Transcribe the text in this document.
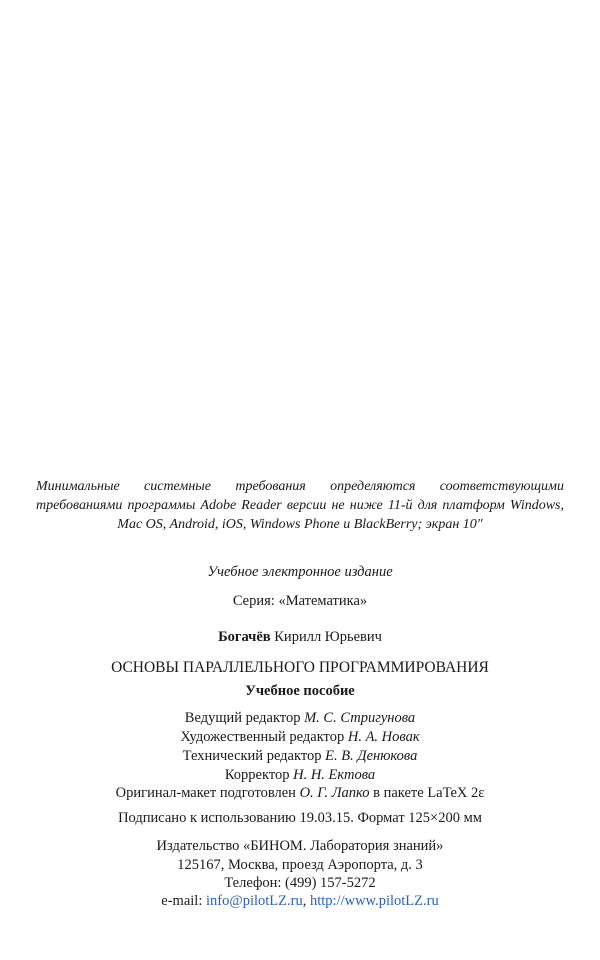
Минимальные системные требования определяются соответствующими требованиями программы Adobe Reader версии не ниже 11-й для платформ Windows, Mac OS, Android, iOS, Windows Phone и BlackBerry; экран 10"
Учебное электронное издание
Серия: «Математика»
Богачёв Кирилл Юрьевич
ОСНОВЫ ПАРАЛЛЕЛЬНОГО ПРОГРАММИРОВАНИЯ
Учебное пособие
Ведущий редактор М. С. Стригунова
Художественный редактор Н. А. Новак
Технический редактор Е. В. Денюкова
Корректор Н. Н. Ектова
Оригинал-макет подготовлен О. Г. Лапко в пакете LaTeX 2ε
Подписано к использованию 19.03.15. Формат 125×200 мм
Издательство «БИНОМ. Лаборатория знаний»
125167, Москва, проезд Аэропорта, д. 3
Телефон: (499) 157-5272
e-mail: info@pilotLZ.ru, http://www.pilotLZ.ru
